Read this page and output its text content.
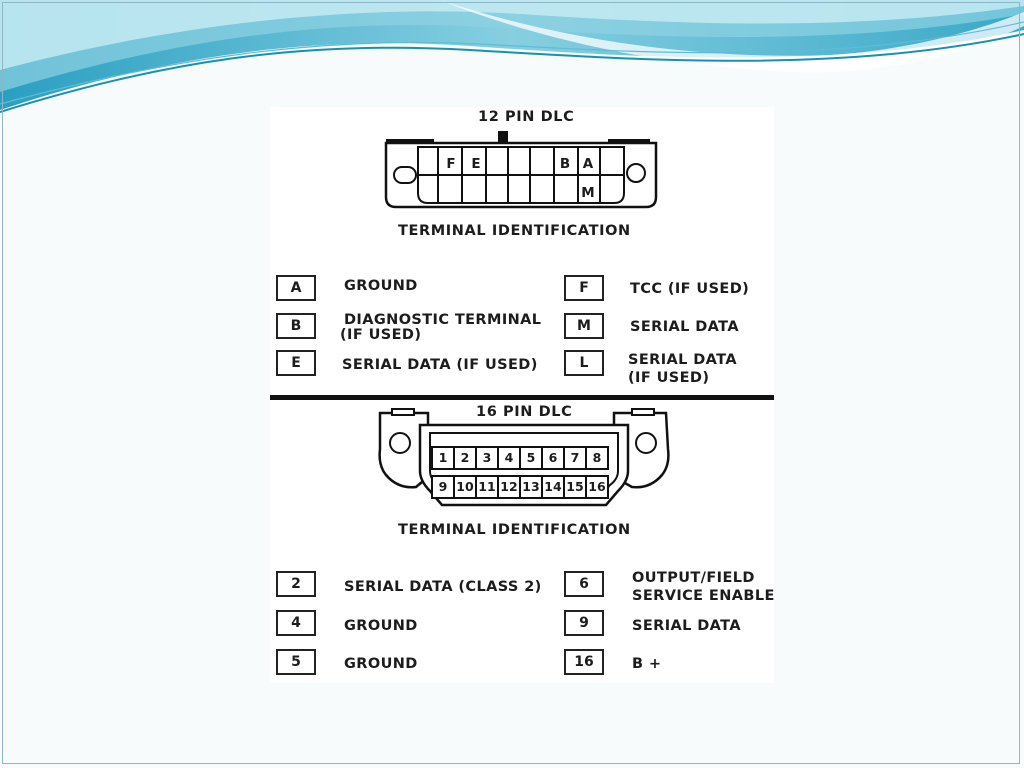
12 PIN DLC
F	E	B A
M
TERMINAL IDENTIFICATION
A	GROUND
B	DIAGNOSTIC TERMINAL
(IF USED)
E	SERIAL DATA (IF USED)
F	TCC (IF USED)
M	SERIAL DATA
L	SERIAL DATA
(IF USED)
16 PIN DLC
TERMINAL IDENTIFICATION
2	SERIAL DATA (CLASS 2)
4	GROUND
5	GROUND
6	OUTPUT/FIELD
SERVICE ENABLE
9	SERIAL DATA
16	B +
1	2	3	4	5	6	7	8
9 10 11 12 13 14 15 16
